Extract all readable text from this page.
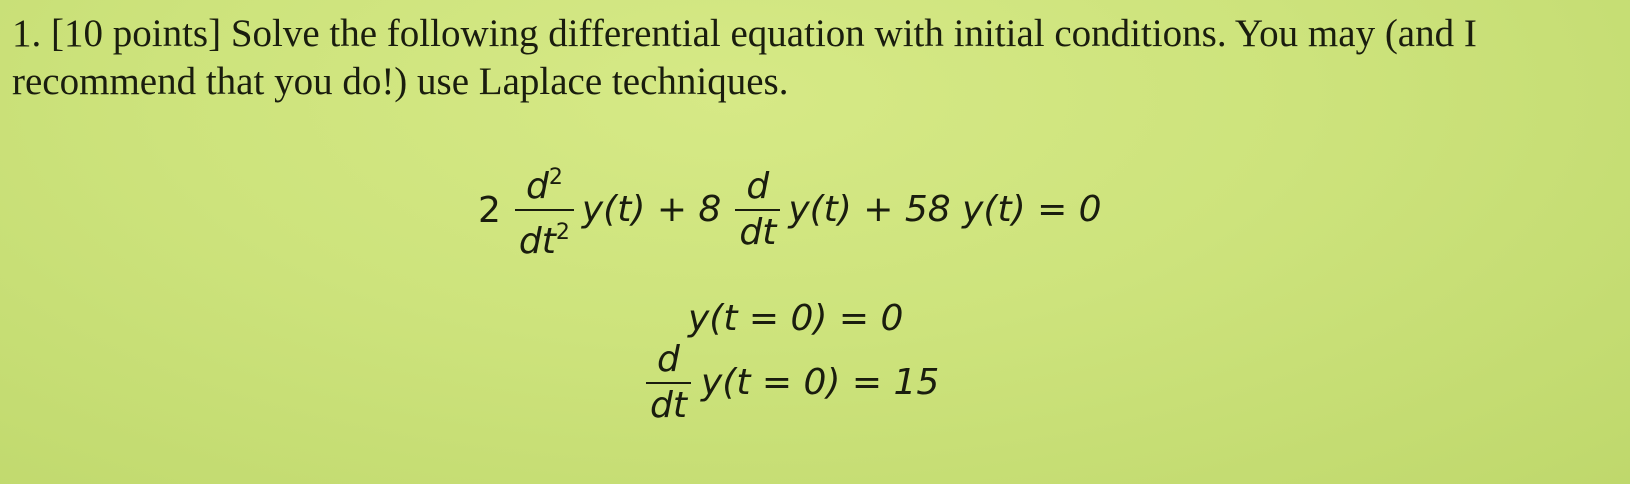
1. [10 points] Solve the following differential equation with initial conditions. You may (and I recommend that you do!) use Laplace techniques.

$2 \frac{d^2}{dt^2} y(t) + 8 \frac{d}{dt} y(t) + 58$ y(t) = 0
y(t = 0) = 0
$\frac{d}{dt} y(t = 0) = 15$
